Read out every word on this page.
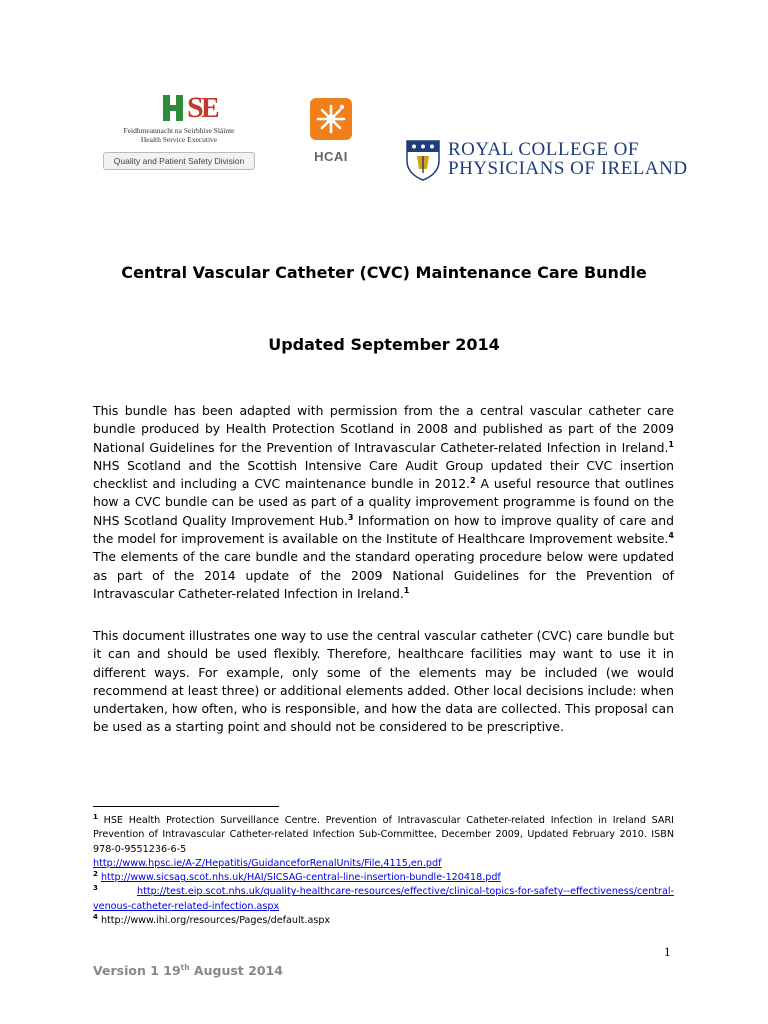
S
E
Feidhmeannacht na Seirbhíse Sláinte
Health Service Executive
Quality and Patient Safety Division	HCAI	ROYAL COLLEGE OF
PHYSICIANS OF IRELAND
Central Vascular Catheter (CVC) Maintenance Care Bundle
Updated September 2014
This bundle has been adapted with permission from the a central vascular catheter care bundle produced by Health Protection Scotland in 2008 and published as part of the 2009 National Guidelines for the Prevention of Intravascular Catheter-related Infection in Ireland.$^1$ NHS Scotland and the Scottish Intensive Care Audit Group updated their CVC insertion checklist and including a CVC maintenance bundle in 2012.$^2$ A useful resource that outlines how a CVC bundle can be used as part of a quality improvement programme is found on the NHS Scotland Quality Improvement Hub.$^3$ Information on how to improve quality of care and the model for improvement is available on the Institute of Healthcare Improvement website.$^4$ The elements of the care bundle and the standard operating procedure below were updated as part of the 2014 update of the 2009 National Guidelines for the Prevention of Intravascular Catheter-related Infection in Ireland.$^1$
This document illustrates one way to use the central vascular catheter (CVC) care bundle but it can and should be used flexibly. Therefore, healthcare facilities may want to use it in different ways. For example, only some of the elements may be included (we would recommend at least three) or additional elements added. Other local decisions include: when undertaken, how often, who is responsible, and how the data are collected. This proposal can be used as a starting point and should not be considered to be prescriptive.
$^1$ HSE Health Protection Surveillance Centre. Prevention of Intravascular Catheter-related Infection in Ireland SARI Prevention of Intravascular Catheter-related Infection Sub-Committee, December 2009, Updated February 2010. ISBN 978-0-9551236-6-5
http://www.hpsc.ie/A-Z/Hepatitis/GuidanceforRenalUnits/File,4115,en.pdf
$^2$ http://www.sicsag.scot.nhs.uk/HAI/SICSAG-central-line-insertion-bundle-120418.pdf
$^3$	http://test.eip.scot.nhs.uk/quality-healthcare-resources/effective/clinical-topics-for-safety--effectiveness/central-venous-catheter-related-infection.aspx
$^4$ http://www.ihi.org/resources/Pages/default.aspx
1
Version 1 19th August 2014
